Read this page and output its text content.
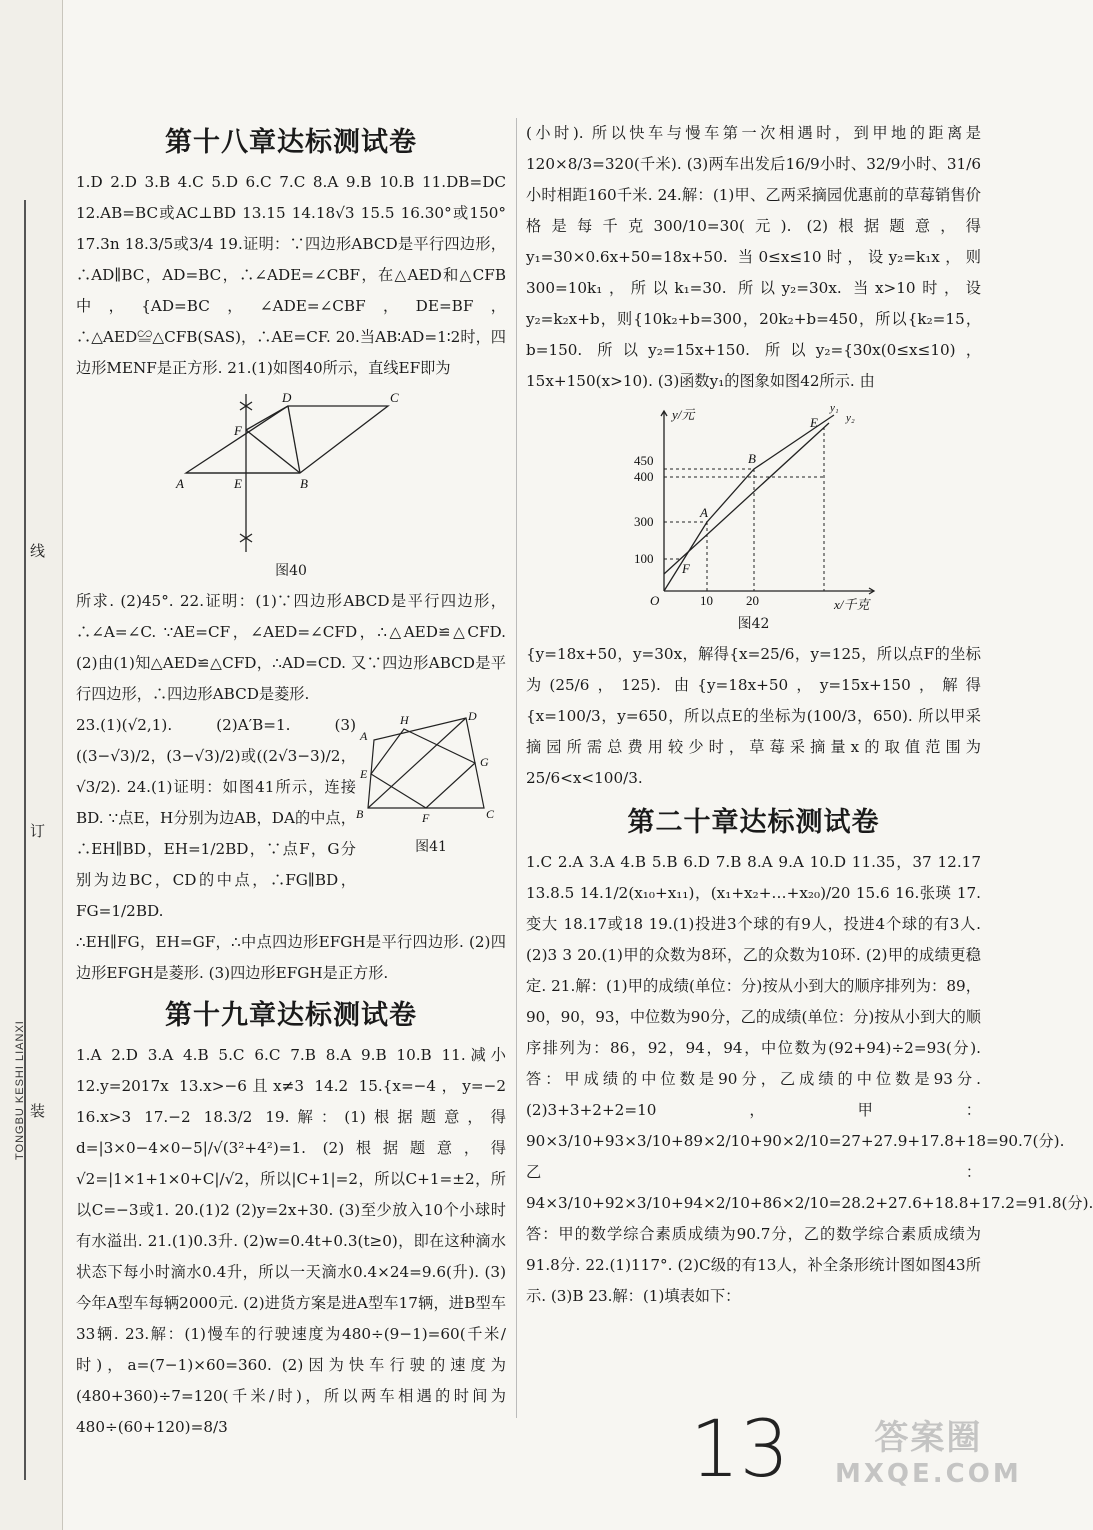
线
订
装
TONGBU KESHI LIANXI
第十八章达标测试卷

1.D 2.D 3.B 4.C 5.D 6.C 7.C 8.A 9.B 10.B 11.DB=DC 12.AB=BC或AC⊥BD 13.15 14.18√3 15.5 16.30°或150° 17.3n 18.3/5或3/4 19.证明：∵四边形ABCD是平行四边形，∴AD∥BC，AD=BC，∴∠ADE=∠CBF，在△AED和△CFB中，{AD=BC，∠ADE=∠CBF，DE=BF，∴△AED≌△CFB(SAS)，∴AE=CF. 20.当AB∶AD=1∶2时，四边形MENF是正方形. 21.(1)如图40所示，直线EF即为

A	E	B
F
D	C
图40

所求. (2)45°. 22.证明：(1)∵四边形ABCD是平行四边形，∴∠A=∠C. ∵AE=CF，∠AED=∠CFD，∴△AED≌△CFD. (2)由(1)知△AED≌△CFD，∴AD=CD. 又∵四边形ABCD是平行四边形，∴四边形ABCD是菱形.

23.(1)(√2,1). (2)A′B=1. (3)((3−√3)/2，(3−√3)/2)或((2√3−3)/2，√3/2). 24.(1)证明：如图41所示，连接BD. ∵点E，H分别为边AB，DA的中点，∴EH∥BD，EH=1/2BD，∵点F，G分别为边BC，CD的中点，∴FG∥BD，FG=1/2BD.

A
H	D
E
G
B	F	C
图41

∴EH∥FG，EH=GF，∴中点四边形EFGH是平行四边形. (2)四边形EFGH是菱形. (3)四边形EFGH是正方形.

第十九章达标测试卷

1.A 2.D 3.A 4.B 5.C 6.C 7.B 8.A 9.B 10.B 11.减小 12.y=2017x 13.x>−6且x≠3 14.2 15.{x=−4，y=−2 16.x>3 17.−2 18.3/2 19.解：(1)根据题意，得d=|3×0−4×0−5|/√(3²+4²)=1. (2)根据题意，得√2=|1×1+1×0+C|/√2，所以|C+1|=2，所以C+1=±2，所以C=−3或1. 20.(1)2 (2)y=2x+30. (3)至少放入10个小球时有水溢出. 21.(1)0.3升. (2)w=0.4t+0.3(t≥0)，即在这种滴水状态下每小时滴水0.4升，所以一天滴水0.4×24=9.6(升). (3)今年A型车每辆2000元. (2)进货方案是进A型车17辆，进B型车33辆. 23.解：(1)慢车的行驶速度为480÷(9−1)=60(千米/时)，a=(7−1)×60=360. (2)因为快车行驶的速度为(480+360)÷7=120(千米/时)，所以两车相遇的时间为480÷(60+120)=8/3

(小时). 所以快车与慢车第一次相遇时，到甲地的距离是120×8/3=320(千米). (3)两车出发后16/9小时、32/9小时、31/6小时相距160千米. 24.解：(1)甲、乙两采摘园优惠前的草莓销售价格是每千克300/10=30(元). (2)根据题意，得y₁=30×0.6x+50=18x+50. 当0≤x≤10时，设y₂=k₁x，则300=10k₁，所以k₁=30. 所以y₂=30x. 当x>10时，设y₂=k₂x+b，则{10k₂+b=300，20k₂+b=450，所以{k₂=15，b=150. 所以y₂=15x+150. 所以y₂={30x(0≤x≤10)，15x+150(x>10). (3)函数y₁的图象如图42所示. 由

y/元
x/千克
O
100
300
400
450
10	20
E
B
A
F
y₁
y₂
图42

{y=18x+50，y=30x，解得{x=25/6，y=125，所以点F的坐标为(25/6，125). 由{y=18x+50，y=15x+150，解得{x=100/3，y=650，所以点E的坐标为(100/3，650). 所以甲采摘园所需总费用较少时，草莓采摘量x的取值范围为25/6<x<100/3.

第二十章达标测试卷

1.C 2.A 3.A 4.B 5.B 6.D 7.B 8.A 9.A 10.D 11.35，37 12.17 13.8.5 14.1/2(x₁₀+x₁₁)，(x₁+x₂+…+x₂₀)/20 15.6 16.张瑛 17.变大 18.17或18 19.(1)投进3个球的有9人，投进4个球的有3人. (2)3 3 20.(1)甲的众数为8环，乙的众数为10环. (2)甲的成绩更稳定. 21.解：(1)甲的成绩(单位：分)按从小到大的顺序排列为：89，90，90，93，中位数为90分，乙的成绩(单位：分)按从小到大的顺序排列为：86，92，94，94，中位数为(92+94)÷2=93(分). 答：甲成绩的中位数是90分，乙成绩的中位数是93分. (2)3+3+2+2=10，甲：90×3/10+93×3/10+89×2/10+90×2/10=27+27.9+17.8+18=90.7(分). 乙：94×3/10+92×3/10+94×2/10+86×2/10=28.2+27.6+18.8+17.2=91.8(分). 答：甲的数学综合素质成绩为90.7分，乙的数学综合素质成绩为91.8分. 22.(1)117°. (2)C级的有13人，补全条形统计图如图43所示. (3)B 23.解：(1)填表如下：

13	答案圈
MXQE.COM
